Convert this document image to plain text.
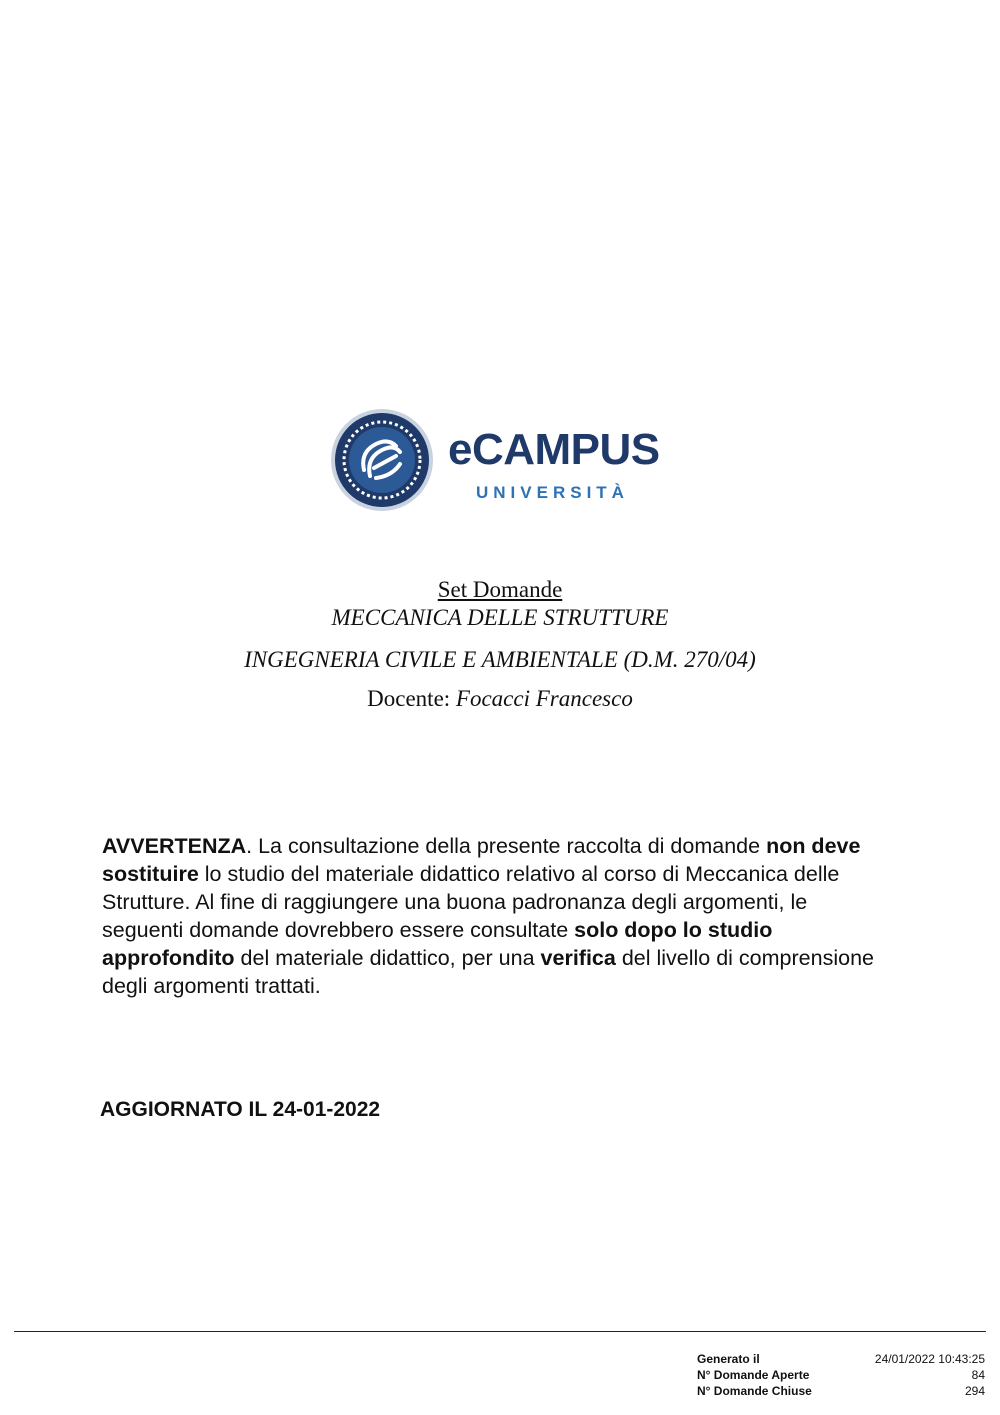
eCAMPUS
UNIVERSITÀ
Set Domande
MECCANICA DELLE STRUTTURE
INGEGNERIA CIVILE E AMBIENTALE (D.M. 270/04)
Docente: Focacci Francesco
AVVERTENZA. La consultazione della presente raccolta di domande non deve sostituire lo studio del materiale didattico relativo al corso di Meccanica delle Strutture. Al fine di raggiungere una buona padronanza degli argomenti, le seguenti domande dovrebbero essere consultate solo dopo lo studio approfondito del materiale didattico, per una verifica del livello di comprensione degli argomenti trattati.
AGGIORNATO IL 24-01-2022
Generato il	24/01/2022 10:43:25
N° Domande Aperte	84
N° Domande Chiuse	294
